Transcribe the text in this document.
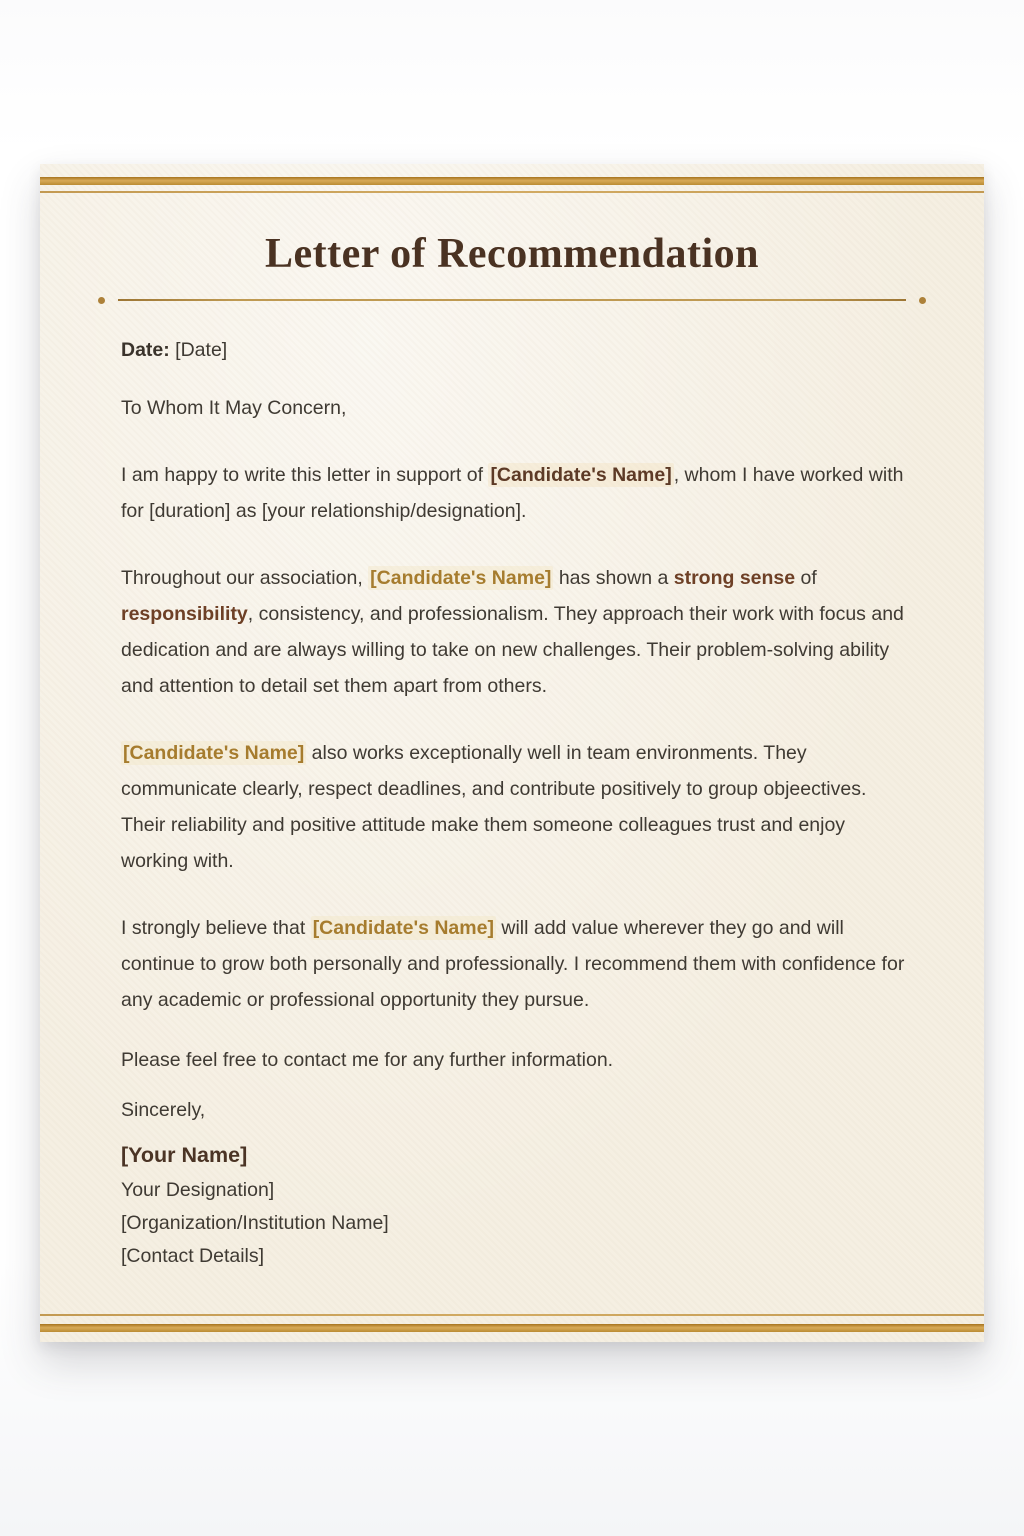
Letter of Recommendation

Date: [Date]

To Whom It May Concern,

I am happy to write this letter in support of [Candidate's Name] , whom I have worked with for [duration] as [your relationship/designation].

Throughout our association, [Candidate's Name] has shown a strong sense of responsibility, consistency, and professionalism. They approach their work with focus and dedication and are always willing to take on new challenges. Their problem-solving ability and attention to detail set them apart from others.

[Candidate's Name] also works exceptionally well in team environments. They communicate clearly, respect deadlines, and contribute positively to group objeectives. Their reliability and positive attitude make them someone colleagues trust and enjoy working with.

I strongly believe that [Candidate's Name] will add value wherever they go and will continue to grow both personally and professionally. I recommend them with confidence for any academic or professional opportunity they pursue.

Please feel free to contact me for any further information.

Sincerely,

[Your Name]
Your Designation]
[Organization/Institution Name]
[Contact Details]
